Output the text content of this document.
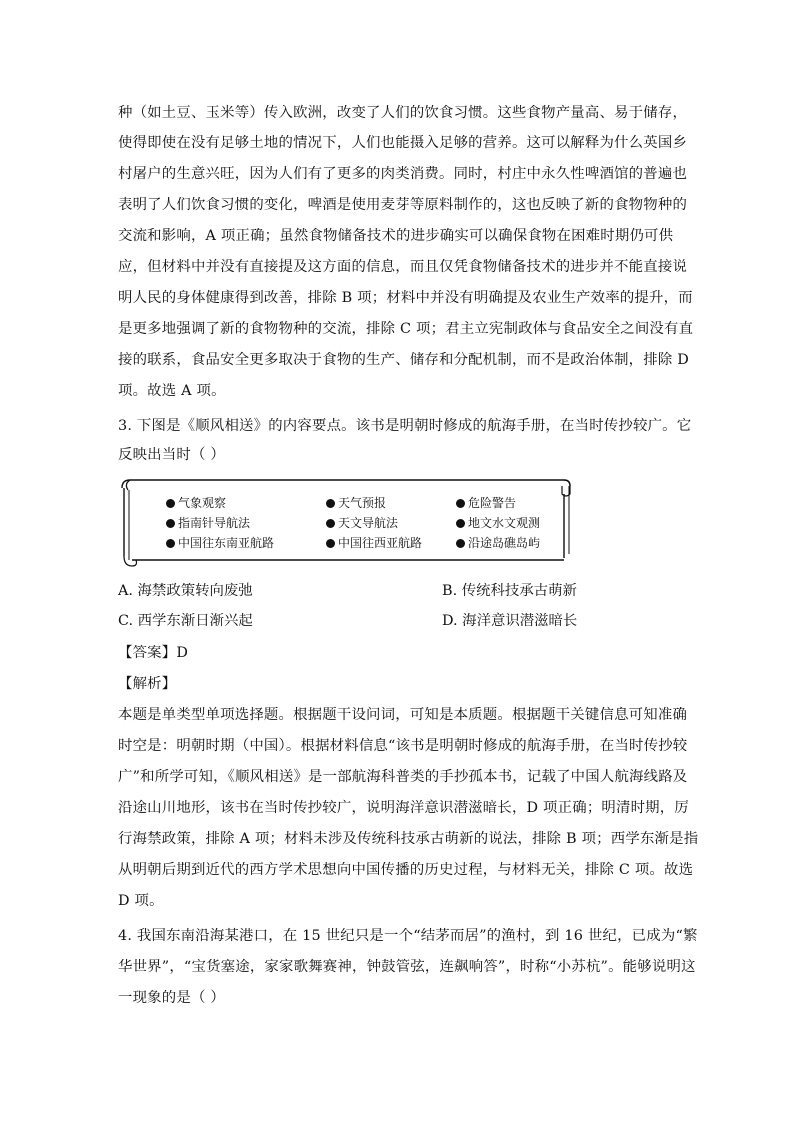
种（如土豆、玉米等）传入欧洲，改变了人们的饮食习惯。这些食物产量高、易于储存，
使得即使在没有足够土地的情况下，人们也能摄入足够的营养。这可以解释为什么英国乡
村屠户的生意兴旺，因为人们有了更多的肉类消费。同时，村庄中永久性啤酒馆的普遍也
表明了人们饮食习惯的变化，啤酒是使用麦芽等原料制作的，这也反映了新的食物物种的
交流和影响，A 项正确；虽然食物储备技术的进步确实可以确保食物在困难时期仍可供
应，但材料中并没有直接提及这方面的信息，而且仅凭食物储备技术的进步并不能直接说
明人民的身体健康得到改善，排除 B 项；材料中并没有明确提及农业生产效率的提升，而
是更多地强调了新的食物物种的交流，排除 C 项；君主立宪制政体与食品安全之间没有直
接的联系，食品安全更多取决于食物的生产、储存和分配机制，而不是政治体制，排除 D
项。故选 A 项。
3. 下图是《顺风相送》的内容要点。该书是明朝时修成的航海手册，在当时传抄较广。它
反映出当时（ ）
气象观察	天气预报	危险警告
指南针导航法	天文导航法	地文水文观测
中国往东南亚航路	中国往西亚航路	沿途岛礁岛屿
A. 海禁政策转向废弛	B. 传统科技承古萌新
C. 西学东渐日渐兴起	D. 海洋意识潜滋暗长
【答案】D
【解析】
本题是单类型单项选择题。根据题干设问词，可知是本质题。根据题干关键信息可知准确
时空是：明朝时期（中国）。根据材料信息“该书是明朝时修成的航海手册，在当时传抄较
广”和所学可知，《顺风相送》是一部航海科普类的手抄孤本书，记载了中国人航海线路及
沿途山川地形，该书在当时传抄较广，说明海洋意识潜滋暗长，D 项正确；明清时期，厉
行海禁政策，排除 A 项；材料未涉及传统科技承古萌新的说法，排除 B 项；西学东渐是指
从明朝后期到近代的西方学术思想向中国传播的历史过程，与材料无关，排除 C 项。故选
D 项。
4. 我国东南沿海某港口，在 15 世纪只是一个“结茅而居”的渔村，到 16 世纪，已成为“繁
华世界”，“宝货塞途，家家歌舞赛神，钟鼓管弦，连飙响答”，时称“小苏杭”。能够说明这
一现象的是（ ）
